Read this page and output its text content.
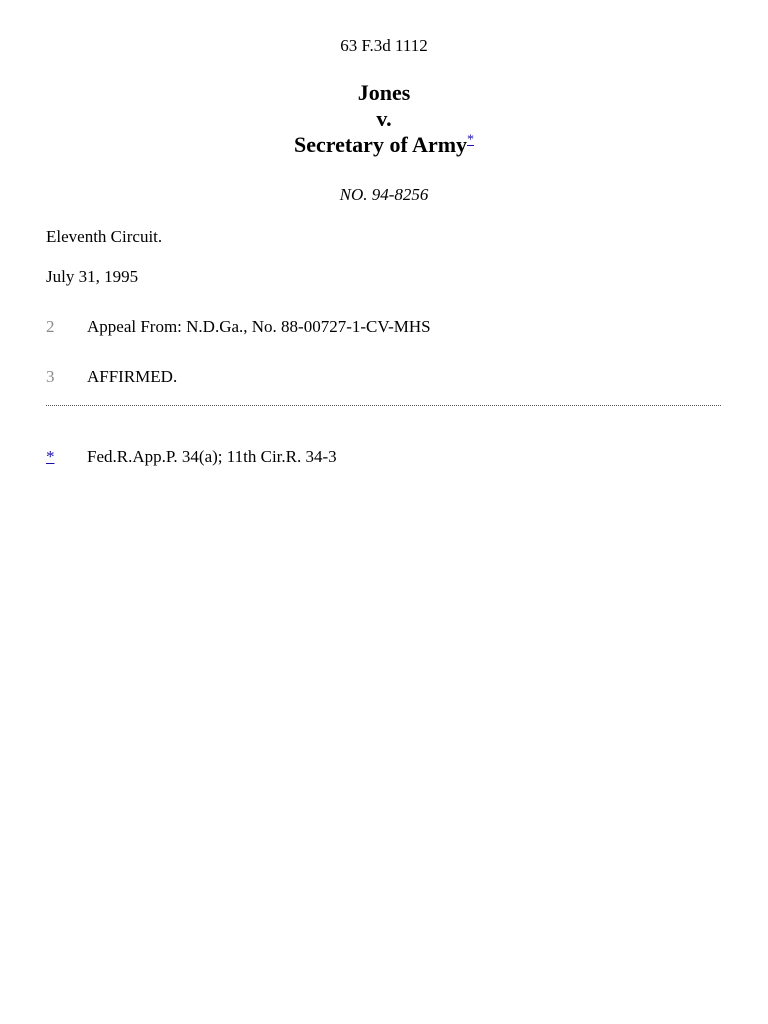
63 F.3d 1112
Jones
v.
Secretary of Army*
NO. 94-8256
Eleventh Circuit.
July 31, 1995
2	Appeal From: N.D.Ga., No. 88-00727-1-CV-MHS
3	AFFIRMED.
*	Fed.R.App.P. 34(a); 11th Cir.R. 34-3
